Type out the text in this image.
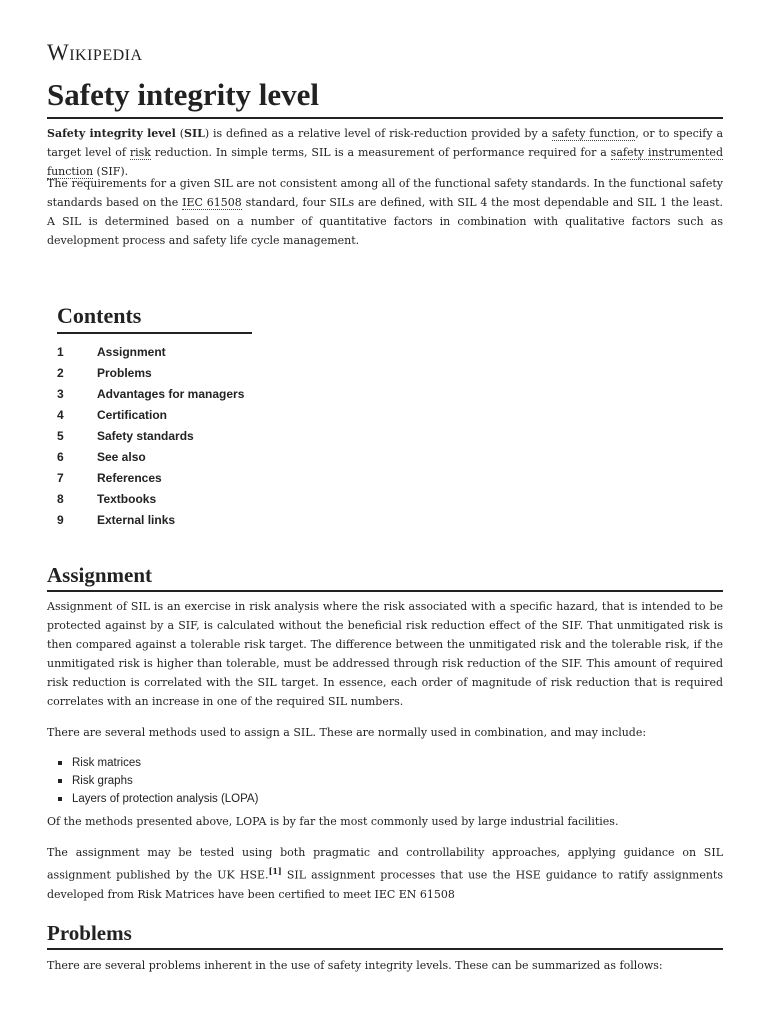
Wikipedia
Safety integrity level

Safety integrity level (SIL) is defined as a relative level of risk-reduction provided by a safety function, or to specify a target level of risk reduction. In simple terms, SIL is a measurement of performance required for a safety instrumented function (SIF).

The requirements for a given SIL are not consistent among all of the functional safety standards. In the functional safety standards based on the IEC 61508 standard, four SILs are defined, with SIL 4 the most dependable and SIL 1 the least. A SIL is determined based on a number of quantitative factors in combination with qualitative factors such as development process and safety life cycle management.

Contents
1	Assignment
2	Problems
3	Advantages for managers
4	Certification
5	Safety standards
6	See also
7	References
8	Textbooks
9	External links
Assignment

Assignment of SIL is an exercise in risk analysis where the risk associated with a specific hazard, that is intended to be protected against by a SIF, is calculated without the beneficial risk reduction effect of the SIF. That unmitigated risk is then compared against a tolerable risk target. The difference between the unmitigated risk and the tolerable risk, if the unmitigated risk is higher than tolerable, must be addressed through risk reduction of the SIF. This amount of required risk reduction is correlated with the SIL target. In essence, each order of magnitude of risk reduction that is required correlates with an increase in one of the required SIL numbers.

There are several methods used to assign a SIL. These are normally used in combination, and may include:

Risk matrices
Risk graphs
Layers of protection analysis (LOPA)

Of the methods presented above, LOPA is by far the most commonly used by large industrial facilities.

The assignment may be tested using both pragmatic and controllability approaches, applying guidance on SIL assignment published by the UK HSE.[1] SIL assignment processes that use the HSE guidance to ratify assignments developed from Risk Matrices have been certified to meet IEC EN 61508

Problems

There are several problems inherent in the use of safety integrity levels. These can be summarized as follows:
